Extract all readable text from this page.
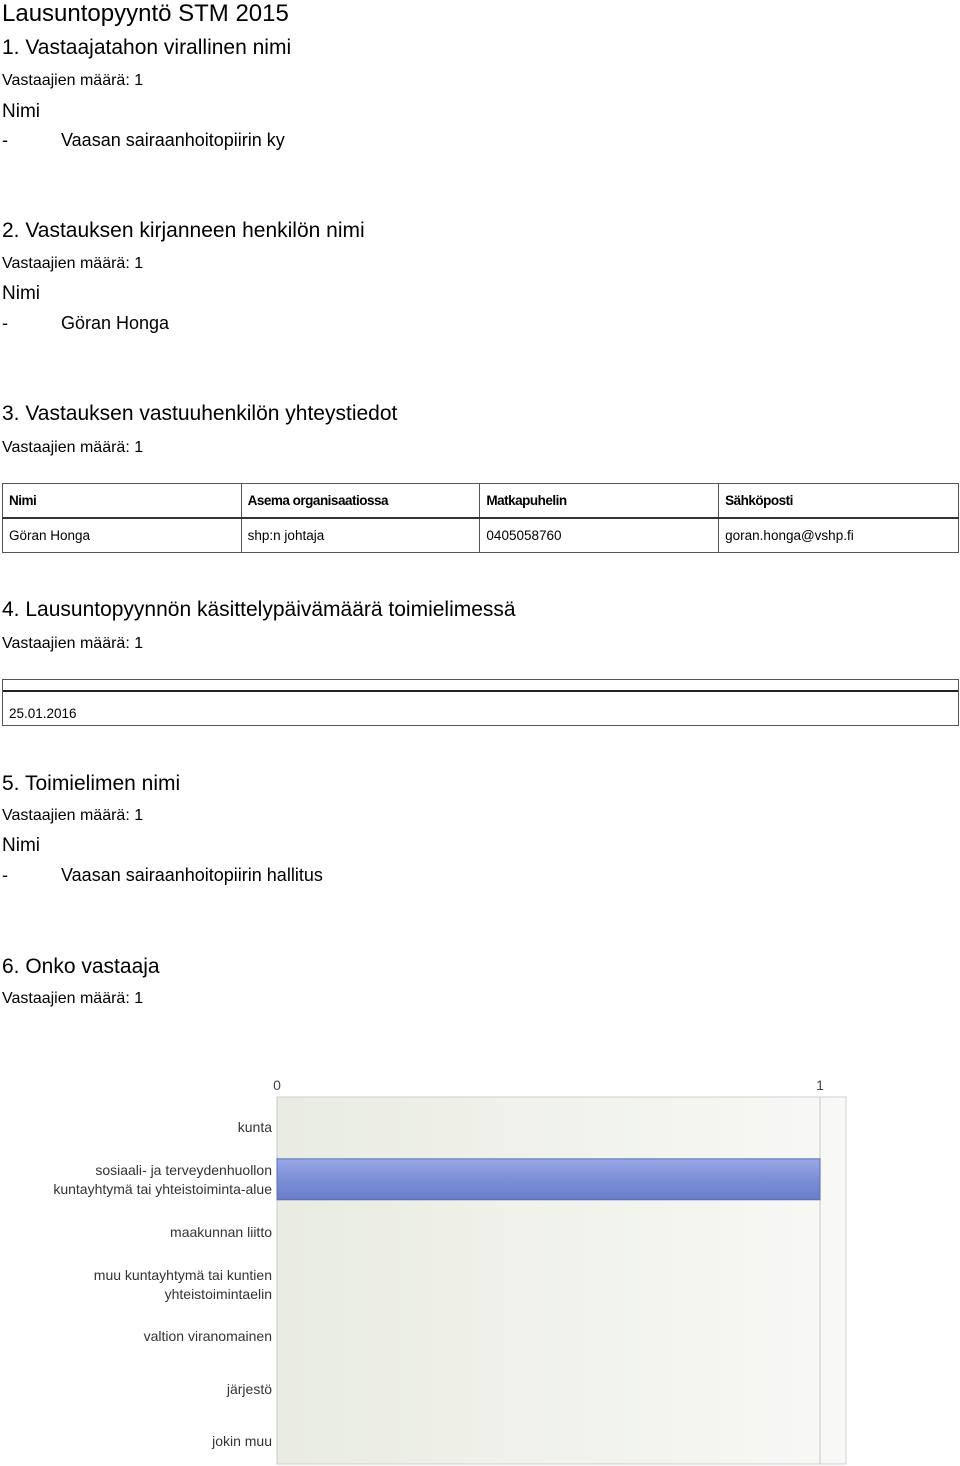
Lausuntopyyntö STM 2015
1. Vastaajatahon virallinen nimi
Vastaajien määrä: 1
Nimi
-	Vaasan sairaanhoitopiirin ky
2. Vastauksen kirjanneen henkilön nimi
Vastaajien määrä: 1
Nimi
-	Göran Honga
3. Vastauksen vastuuhenkilön yhteystiedot
Vastaajien määrä: 1
Nimi	Asema organisaatiossa	Matkapuhelin	Sähköposti
Göran Honga	shp:n johtaja	0405058760	goran.honga@vshp.fi
4. Lausuntopyynnön käsittelypäivämäärä toimielimessä
Vastaajien määrä: 1
25.01.2016
5. Toimielimen nimi
Vastaajien määrä: 1
Nimi
-	Vaasan sairaanhoitopiirin hallitus
6. Onko vastaaja
Vastaajien määrä: 1
0	1
kunta
sosiaali- ja terveydenhuollon
kuntayhtymä tai yhteistoiminta-alue
maakunnan liitto
muu kuntayhtymä tai kuntien
yhteistoimintaelin
valtion viranomainen
järjestö
jokin muu
